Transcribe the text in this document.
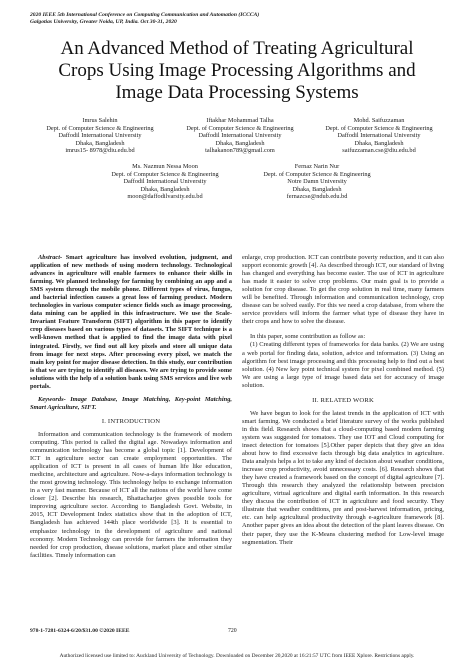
2020 IEEE 5th International Conference on Computing Communication and Automation (ICCCA)
Galgotias University, Greater Noida, UP, India. Oct 30-31, 2020
An Advanced Method of Treating Agricultural
Crops Using Image Processing Algorithms and
Image Data Processing Systems
Imrus Salehin
Dept. of Computer Science & Engineering
Daffodil International University
Dhaka, Bangladesh
imrus15- 8978@diu.edu.bd
Iftakhar Mohammad Talha
Dept. of Computer Science & Engineering
Daffodil International University
Dhaka, Bangladesh
talhakanon789@gmail.com
Mohd. Saifuzzaman
Dept. of Computer Science & Engineering
Daffodil International University
Dhaka, Bangladesh
saifuzzaman.cse@diu.edu.bd
Ms. Nazmun Nessa Moon
Dept. of Computer Science & Engineering
Daffodil International University
Dhaka, Bangladesh
moon@daffodilvarsity.edu.bd
Fernaz Narin Nur
Dept. of Computer Science & Engineering
Notre Damn University
Dhaka, Bangladesh
fernazcse@ndub.edu.bd

Abstract- Smart agriculture has involved evolution, judgment, and application of new methods of using modern technology. Technological advances in agriculture will enable farmers to enhance their skills in farming. We planned technology for farming by combining an app and a SMS system through the mobile phone. Different types of virus, fungus, and bacterial infection causes a great loss of farming product. Modern technologies in various computer science fields such as image processing, data mining can be applied in this infrastructure. We use the Scale-Invariant Feature Transform (SIFT) algorithm in this paper to identify crop diseases based on various types of datasets. The SIFT technique is a well-known method that is applied to find the image data with pixel integrated. Firstly, we find out all key pixels and store all unique data from image for next steps. After processing every pixel, we match the main key point for major disease detection. In this study, our contribution is that we are trying to identify all diseases. We are trying to provide some solutions with the help of a solution bank using SMS services and live web portals.

Keywords- Image Database, Image Matching, Key-point Matching, Smart Agriculture, SIFT.

I. INTRODUCTION

Information and communication technology is the framework of modern computing. This period is called the digital age. Nowadays information and communication technology has become a global topic [1]. Development of ICT in agriculture sector can create employment opportunities. The application of ICT is present in all cases of human life like education, medicine, architecture and agriculture. Now-a-days information technology is the most growing technology. This technology helps to exchange information in a very fast manner. Because of ICT all the nations of the world have come closer [2]. Describe his research, Bhattacharjee gives possible tools for improving agriculture sector. According to Bangladesh Govt. Website, in 2015, ICT Development Index statistics show that in the adoption of ICT, Bangladesh has achieved 144th place worldwide [3]. It is essential to emphasize technology in the development of agriculture and national economy. Modern Technology can provide for farmers the information they needed for crop production, disease solutions, market place and other similar facilities. Timely information can

enlarge, crop production. ICT can contribute poverty reduction, and it can also support economic growth [4]. As described through ICT, our standard of living has changed and everything has become easier. The use of ICT in agriculture has made it easier to solve crop problems. Our main goal is to provide a solution for crop disease. To get the crop solution in real time, many farmers will be benefited. Through information and communication technology, crop disease can be solved easily. For this we need a crop database, from where the service providers will inform the farmer what type of disease they have in their crops and how to solve the disease.

In this paper, some contribution as follow as:

(1) Creating different types of frameworks for data banks. (2) We are using a web portal for finding data, solution, advice and information. (3) Using an algorithm for best image processing and this processing help to find out a best solution. (4) New key point technical system for pixel combined method. (5) We are using a large type of image based data set for accuracy of image solution.

II. RELATED WORK

We have begun to look for the latest trends in the application of ICT with smart farming. We conducted a brief literature survey of the works published in this field. Research shows that a cloud-computing based modern farming system was suggested for tomatoes. They use IOT and Cloud computing for insect detection for tomatoes [5].Other paper depicts that they give an idea about how to find excessive facts through big data analytics in agriculture. Data analysis helps a lot to take any kind of decision about weather conditions, increase crop productivity, avoid unnecessary costs. [6]. Research shows that they have created a framework based on the concept of digital agriculture [7]. Through this research they analyzed the relationship between precision agriculture, virtual agriculture and digital earth information. In this research they discuss the contribution of ICT in agriculture and food security. They illustrate that weather conditions, pre and post-harvest information, pricing, etc. can help agricultural productivity through e-agriculture framework [8]. Another paper gives an idea about the detection of the plant leaves disease. On their paper, they use the K-Means clustering method for Low-level image segmentation. Their

978-1-7281-6324-6/20/$31.00 ©2020 IEEE	720
Authorized licensed use limited to: Auckland University of Technology. Downloaded on December 20,2020 at 16:21:57 UTC from IEEE Xplore. Restrictions apply.
